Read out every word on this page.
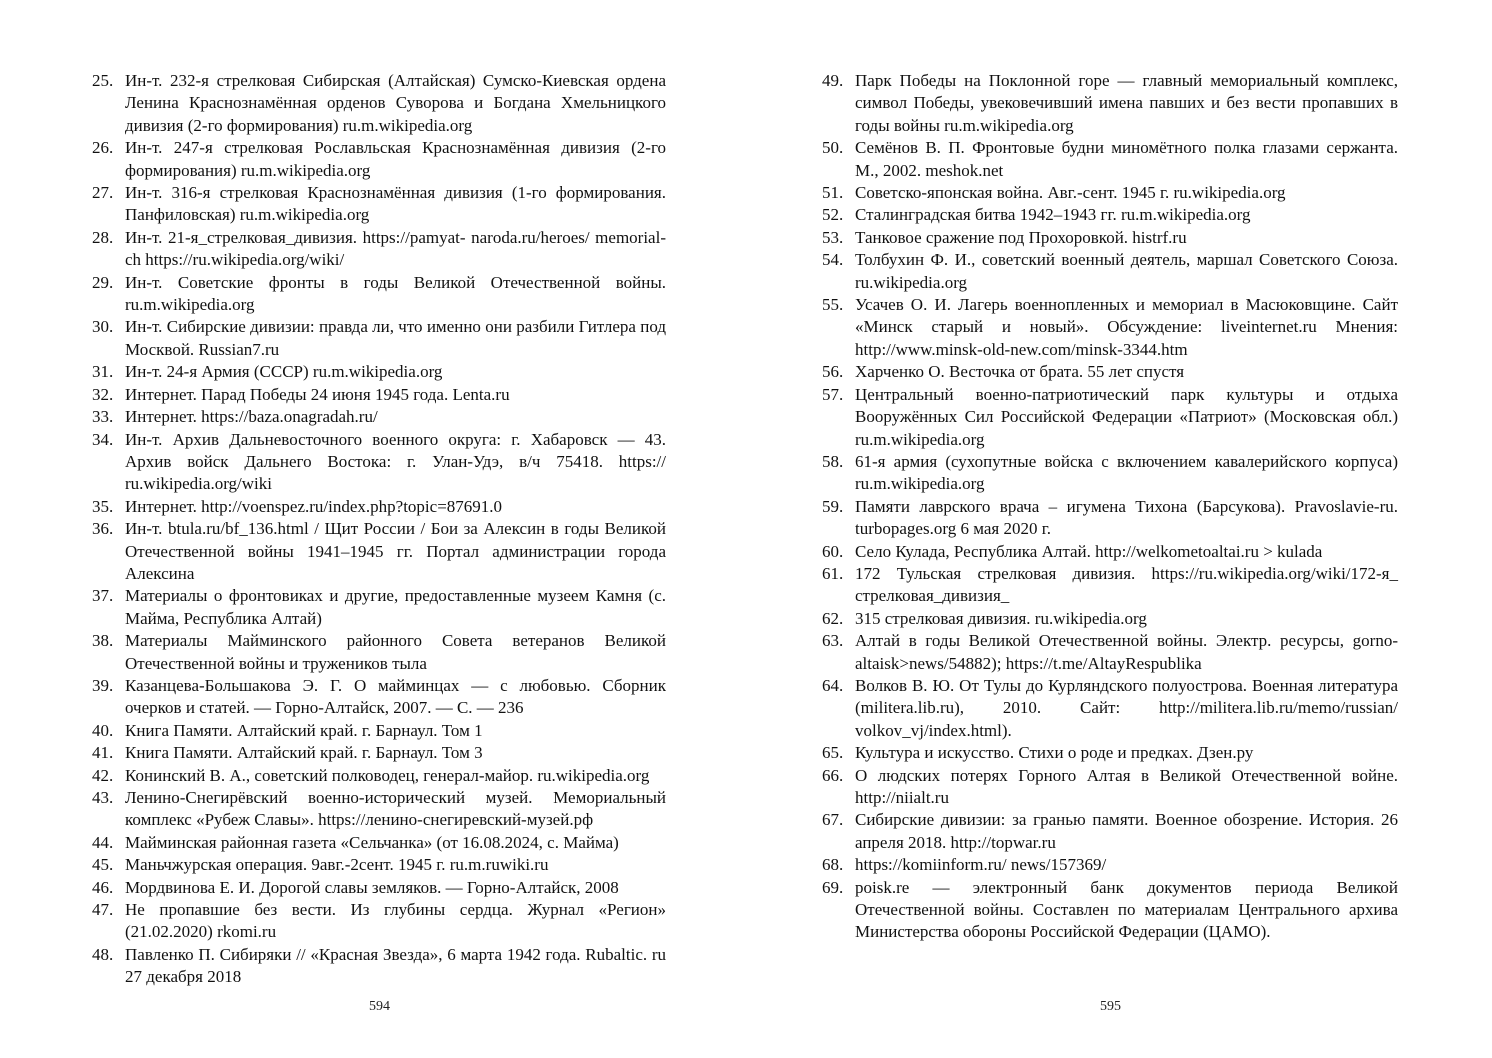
25. Ин-т. 232-я стрелковая Сибирская (Алтайская) Сумско-Киевская ордена Ленина Краснознамённая орденов Суворова и Богдана Хмельницкого дивизия (2-го формирования) ru.m.wikipedia.org
26. Ин-т. 247-я стрелковая Рославльская Краснознамённая дивизия (2-го формирования) ru.m.wikipedia.org
27. Ин-т. 316-я стрелковая Краснознамённая дивизия (1-го формирования. Панфиловская) ru.m.wikipedia.org
28. Ин-т. 21-я_стрелковая_дивизия. https://pamyat- naroda.ru/heroes/ memorial-ch https://ru.wikipedia.org/wiki/
29. Ин-т. Советские фронты в годы Великой Отечественной войны. ru.m.wikipedia.org
30. Ин-т. Сибирские дивизии: правда ли, что именно они разбили Гитлера под Москвой. Russian7.ru
31. Ин-т. 24-я Армия (СССР) ru.m.wikipedia.org
32. Интернет. Парад Победы 24 июня 1945 года. Lenta.ru
33. Интернет. https://baza.onagradah.ru/
34. Ин-т. Архив Дальневосточного военного округа: г. Хабаровск — 43. Архив войск Дальнего Востока: г. Улан-Удэ, в/ч 75418. https:// ru.wikipedia.org/wiki
35. Интернет. http://voenspez.ru/index.php?topic=87691.0
36. Ин-т. btula.ru/bf_136.html / Щит России / Бои за Алексин в годы Великой Отечественной войны 1941–1945 гг. Портал администрации города Алексина
37. Материалы о фронтовиках и другие, предоставленные музеем Камня (с. Майма, Республика Алтай)
38. Материалы Майминского районного Совета ветеранов Великой Отечественной войны и тружеников тыла
39. Казанцева-Большакова Э. Г. О майминцах — с любовью. Сборник очерков и статей. — Горно-Алтайск, 2007. — С. — 236
40. Книга Памяти. Алтайский край. г. Барнаул. Том 1
41. Книга Памяти. Алтайский край. г. Барнаул. Том 3
42. Конинский В. А., советский полководец, генерал-майор. ru.wikipedia.org
43. Ленино-Снегирёвский военно-исторический музей. Мемориальный комплекс «Рубеж Славы». https://ленино-снегиревский-музей.рф
44. Майминская районная газета «Сельчанка» (от 16.08.2024, с. Майма)
45. Маньчжурская операция. 9авг.-2сент. 1945 г. ru.m.ruwiki.ru
46. Мордвинова Е. И. Дорогой славы земляков. — Горно-Алтайск, 2008
47. Не пропавшие без вести. Из глубины сердца. Журнал «Регион» (21.02.2020) rkomi.ru
48. Павленко П. Сибиряки // «Красная Звезда», 6 марта 1942 года. Rubaltic. ru 27 декабря 2018
594
49. Парк Победы на Поклонной горе — главный мемориальный комплекс, символ Победы, увековечивший имена павших и без вести пропавших в годы войны ru.m.wikipedia.org
50. Семёнов В. П. Фронтовые будни миномётного полка глазами сержанта. М., 2002. meshok.net
51. Советско-японская война. Авг.-сент. 1945 г. ru.wikipedia.org
52. Сталинградская битва 1942–1943 гг. ru.m.wikipedia.org
53. Танковое сражение под Прохоровкой. histrf.ru
54. Толбухин Ф. И., советский военный деятель, маршал Советского Союза. ru.wikipedia.org
55. Усачев О. И. Лагерь военнопленных и мемориал в Масюковщине. Сайт «Минск старый и новый». Обсуждение: liveinternet.ru Мнения: http://www.minsk-old-new.com/minsk-3344.htm
56. Харченко О. Весточка от брата. 55 лет спустя
57. Центральный военно-патриотический парк культуры и отдыха Вооружённых Сил Российской Федерации «Патриот» (Московская обл.) ru.m.wikipedia.org
58. 61-я армия (сухопутные войска с включением кавалерийского корпуса) ru.m.wikipedia.org
59. Памяти лаврского врача – игумена Тихона (Барсукова). Pravoslavie-ru. turbopages.org 6 мая 2020 г.
60. Село Кулада, Республика Алтай. http://welkometoaltai.ru > kulada
61. 172 Тульская стрелковая дивизия. https://ru.wikipedia.org/wiki/172-я_ стрелковая_дивизия_
62. 315 стрелковая дивизия. ru.wikipedia.org
63. Алтай в годы Великой Отечественной войны. Электр. ресурсы, gorno-altaisk>news/54882); https://t.me/AltayRespublika
64. Волков В. Ю. От Тулы до Курляндского полуострова. Военная литература (militera.lib.ru), 2010. Сайт: http://militera.lib.ru/memo/russian/ volkov_vj/index.html).
65. Культура и искусство. Стихи о роде и предках. Дзен.ру
66. О людских потерях Горного Алтая в Великой Отечественной войне. http://niialt.ru
67. Сибирские дивизии: за гранью памяти. Военное обозрение. История. 26 апреля 2018. http://topwar.ru
68. https://komiinform.ru/ news/157369/
69. poisk.re — электронный банк документов периода Великой Отечественной войны. Составлен по материалам Центрального архива Министерства обороны Российской Федерации (ЦАМО).
595
